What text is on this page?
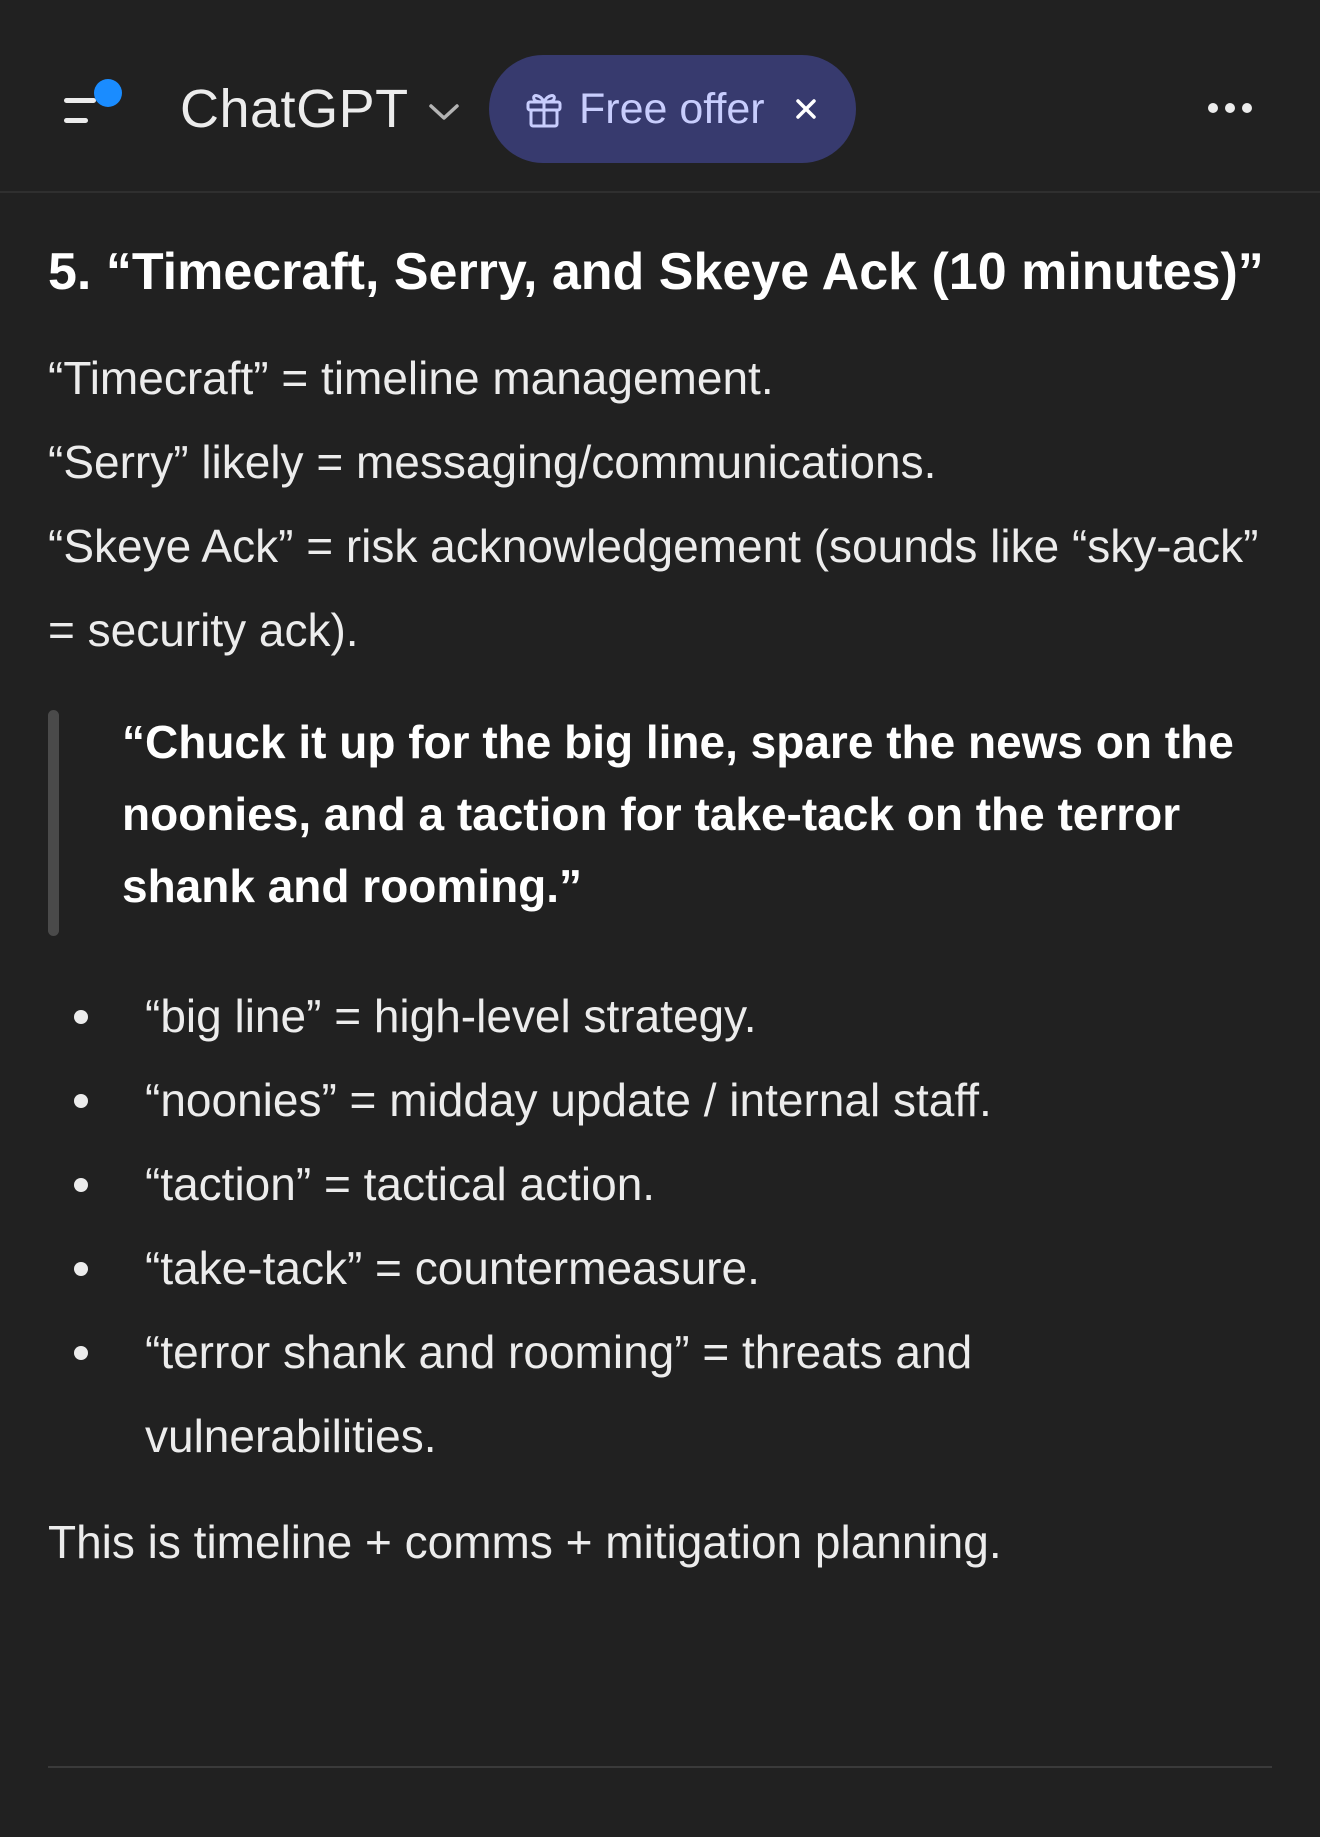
ChatGPT	Free offer
5. “Timecraft, Serry, and Skeye Ack (10 minutes)”
“Timecraft” = timeline management.
“Serry” likely = messaging/communications.
“Skeye Ack” = risk acknowledgement (sounds like “sky-ack” = security ack).
“Chuck it up for the big line, spare the news on the noonies, and a taction for take-tack on the terror shank and rooming.”
“big line” = high-level strategy.
“noonies” = midday update / internal staff.
“taction” = tactical action.
“take-tack” = countermeasure.
“terror shank and rooming” = threats and vulnerabilities.
This is timeline + comms + mitigation planning.
